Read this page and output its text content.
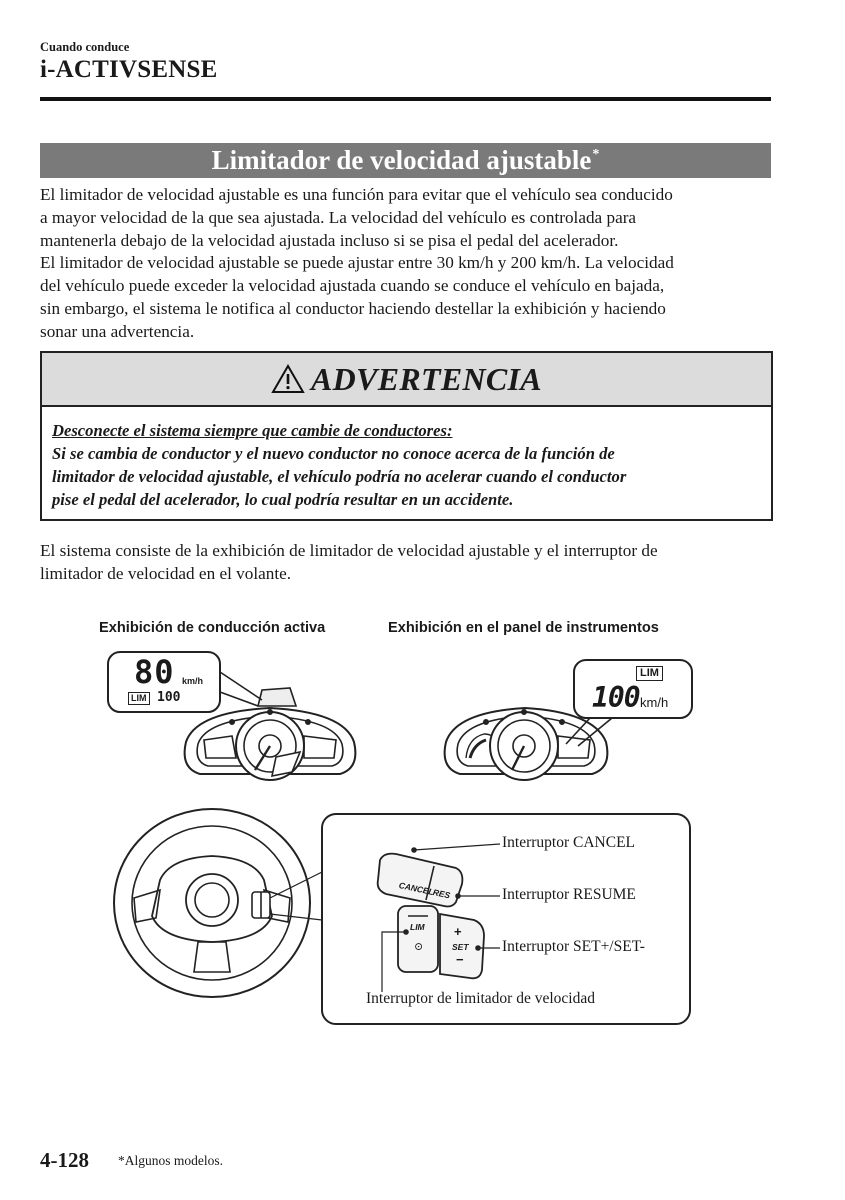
Cuando conduce
i-ACTIVSENSE
Limitador de velocidad ajustable*
El limitador de velocidad ajustable es una función para evitar que el vehículo sea conducido
a mayor velocidad de la que sea ajustada. La velocidad del vehículo es controlada para
mantenerla debajo de la velocidad ajustada incluso si se pisa el pedal del acelerador.
El limitador de velocidad ajustable se puede ajustar entre 30 km/h y 200 km/h. La velocidad
del vehículo puede exceder la velocidad ajustada cuando se conduce el vehículo en bajada,
sin embargo, el sistema le notifica al conductor haciendo destellar la exhibición y haciendo
sonar una advertencia.
ADVERTENCIA
Desconecte el sistema siempre que cambie de conductores:
Si se cambia de conductor y el nuevo conductor no conoce acerca de la función de
limitador de velocidad ajustable, el vehículo podría no acelerar cuando el conductor
pise el pedal del acelerador, lo cual podría resultar en un accidente.
El sistema consiste de la exhibición de limitador de velocidad ajustable y el interruptor de
limitador de velocidad en el volante.
Exhibición de conducción activa	Exhibición en el panel de instrumentos
80 km/h
LIM 100
LIM
100 km/h
CANCEL
RES
LIM
⊙
+
SET
−
Interruptor CANCEL
Interruptor RESUME
Interruptor SET+/SET-
Interruptor de limitador de velocidad
4-128 *Algunos modelos.
